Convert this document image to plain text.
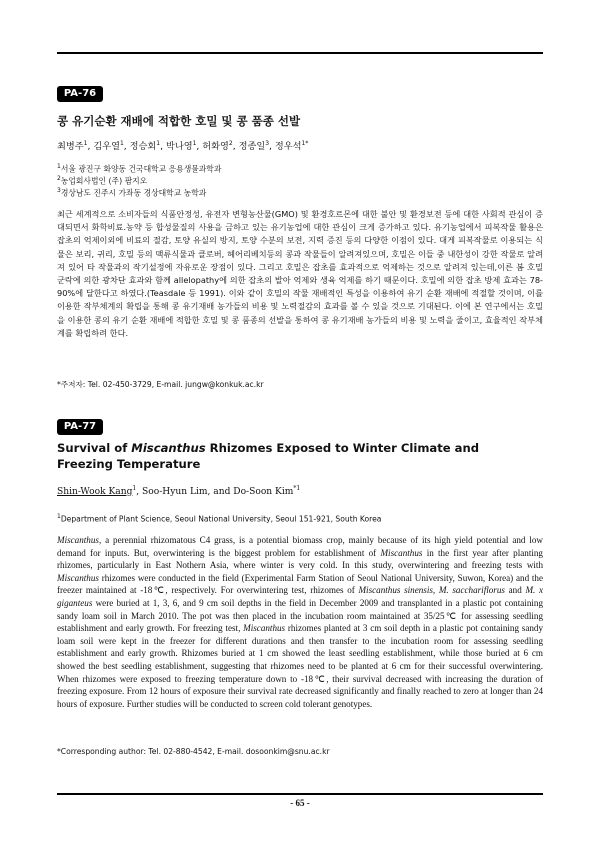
PA-76
콩 유기순환 재배에 적합한 호밀 및 콩 품종 선발
최병주$^1$, 김우열$^1$, 정승회$^1$, 박나영$^1$, 허화영$^2$, 정종일$^3$, 정우석$^{1*}$
$^1$서울 광진구 화양동 건국대학교 응용생물과학과
$^2$농업회사법인 (주) 팜지오
$^3$경상남도 진주시 가좌동 경상대학교 농학과
최근 세계적으로 소비자들의 식품안정성, 유전자 변형농산물(GMO) 및 환경호르몬에 대한 불안 및 환경보전 등에 대한 사회적 관심이 증대되면서 화학비료․농약 등 합성물질의 사용을 금하고 있는 유기농업에 대한 관심이 크게 증가하고 있다. 유기농업에서 피복작물 활용은 잡초의 억제이외에 비료의 절감, 토양 유실의 방지, 토양 수분의 보전, 지력 증진 등의 다양한 이점이 있다. 대게 피복작물로 이용되는 식물은 보리, 귀리, 호밀 등의 맥류식물과 클로버, 헤어리베치등의 콩과 작물들이 알려져있으며, 호밀은 이들 중 내한성이 강한 작물로 알려져 있어 타 작물과의 작기설정에 자유로운 장점이 있다. 그리고 호밀은 잡초를 효과적으로 억제하는 것으로 알려져 있는데,이른 봄 호밀 군락에 의한 광차단 효과와 함께 allelopathy에 의한 잡초의 발아 억제와 생육 억제를 하기 때문이다. 호밀에 의한 잡초 방제 효과는 78-90%에 달한다고 하였다.(Teasdale 등 1991). 이와 같이 호밀의 작물 재배적인 특성을 이용하여 유기 순환 재배에 적절할 것이며, 이를 이용한 작부체계의 확립을 통해 콩 유기재배 농가들의 비용 및 노력절감의 효과를 볼 수 있을 것으로 기대된다. 이에 본 연구에서는 호밀을 이용한 콩의 유기 순환 재배에 적합한 호밀 및 콩 품종의 선발을 통하여 콩 유기재배 농가들의 비용 및 노력을 줄이고, 효율적인 작부체계를 확립하려 한다.
*주저자: Tel. 02-450-3729, E-mail. jungw@konkuk.ac.kr
PA-77
Survival of Miscanthus Rhizomes Exposed to Winter Climate and Freezing Temperature
Shin-Wook Kang$^1$, Soo-Hyun Lim, and Do-Soon Kim$^{*1}$
$^1$Department of Plant Science, Seoul National University, Seoul 151-921, South Korea
Miscanthus, a perennial rhizomatous C4 grass, is a potential biomass crop, mainly because of its high yield potential and low demand for inputs. But, overwintering is the biggest problem for establishment of Miscanthus in the first year after planting rhizomes, particularly in East Nothern Asia, where winter is very cold. In this study, overwintering and freezing tests with Miscanthus rhizomes were conducted in the field (Experimental Farm Station of Seoul National University, Suwon, Korea) and the freezer maintained at -18℃, respectively. For overwintering test, rhizomes of Miscanthus sinensis, M. sacchariflorus and M. x giganteus were buried at 1, 3, 6, and 9 cm soil depths in the field in December 2009 and transplanted in a plastic pot containing sandy loam soil in March 2010. The pot was then placed in the incubation room maintained at 35/25℃ for assessing seedling establishment and early growth. For freezing test, Miscanthus rhizomes planted at 3 cm soil depth in a plastic pot containing sandy loam soil were kept in the freezer for different durations and then transfer to the incubation room for assessing seedling establishment and early growth. Rhizomes buried at 1 cm showed the least seedling establishment, while those buried at 6 cm showed the best seedling establishment, suggesting that rhizomes need to be planted at 6 cm for their successful overwintering. When rhizomes were exposed to freezing temperature down to -18℃, their survival decreased with increasing the duration of freezing exposure. From 12 hours of exposure their survival rate decreased significantly and finally reached to zero at longer than 24 hours of exposure. Further studies will be conducted to screen cold tolerant genotypes.
*Corresponding author: Tel. 02-880-4542, E-mail. dosoonkim@snu.ac.kr
- 65 -
